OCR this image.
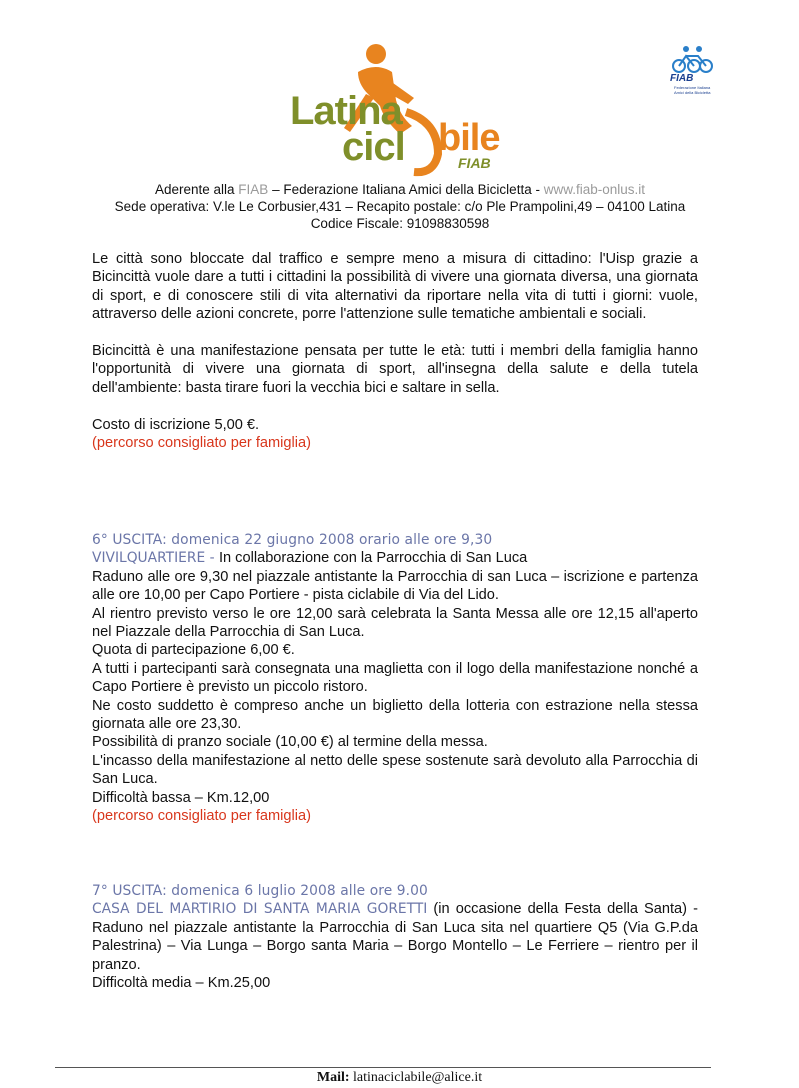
Latina
cicl bile
FIAB
FIAB
Federazione Italiana Amici della Bicicletta
Aderente alla FIAB – Federazione Italiana Amici della Bicicletta - www.fiab-onlus.it
Sede operativa: V.le Le Corbusier,431 – Recapito postale: c/o Ple Prampolini,49 – 04100 Latina
Codice Fiscale: 91098830598

Le città sono bloccate dal traffico e sempre meno a misura di cittadino: l'Uisp grazie a Bicincittà vuole dare a tutti i cittadini la possibilità di vivere una giornata diversa, una giornata di sport, e di conoscere stili di vita alternativi da riportare nella vita di tutti i giorni: vuole, attraverso delle azioni concrete, porre l'attenzione sulle tematiche ambientali e sociali.

Bicincittà è una manifestazione pensata per tutte le età: tutti i membri della famiglia hanno l'opportunità di vivere una giornata di sport, all'insegna della salute e della tutela dell'ambiente: basta tirare fuori la vecchia bici e saltare in sella.

Costo di iscrizione 5,00 €.

(percorso consigliato per famiglia)

6° USCITA: domenica 22 giugno 2008 orario alle ore 9,30

VIVILQUARTIERE - In collaborazione con la Parrocchia di San Luca

Raduno alle ore 9,30 nel piazzale antistante la Parrocchia di san Luca – iscrizione e partenza alle ore 10,00 per Capo Portiere - pista ciclabile di Via del Lido.

Al rientro previsto verso le ore 12,00 sarà celebrata la Santa Messa alle ore 12,15 all'aperto nel Piazzale della Parrocchia di San Luca.

Quota di partecipazione 6,00 €.

A tutti i partecipanti sarà consegnata una maglietta con il logo della manifestazione nonché a Capo Portiere è previsto un piccolo ristoro.

Ne costo suddetto è compreso anche un biglietto della lotteria con estrazione nella stessa giornata alle ore 23,30.

Possibilità di pranzo sociale (10,00 €) al termine della messa.

L'incasso della manifestazione al netto delle spese sostenute sarà devoluto alla Parrocchia di San Luca.

Difficoltà bassa – Km.12,00

(percorso consigliato per famiglia)

7° USCITA: domenica 6 luglio 2008 alle ore 9.00

CASA DEL MARTIRIO DI SANTA MARIA GORETTI (in occasione della Festa della Santa) - Raduno nel piazzale antistante la Parrocchia di San Luca sita nel quartiere Q5 (Via G.P.da Palestrina) – Via Lunga – Borgo santa Maria – Borgo Montello – Le Ferriere – rientro per il pranzo.

Difficoltà media – Km.25,00

Mail: latinaciclabile@alice.it
